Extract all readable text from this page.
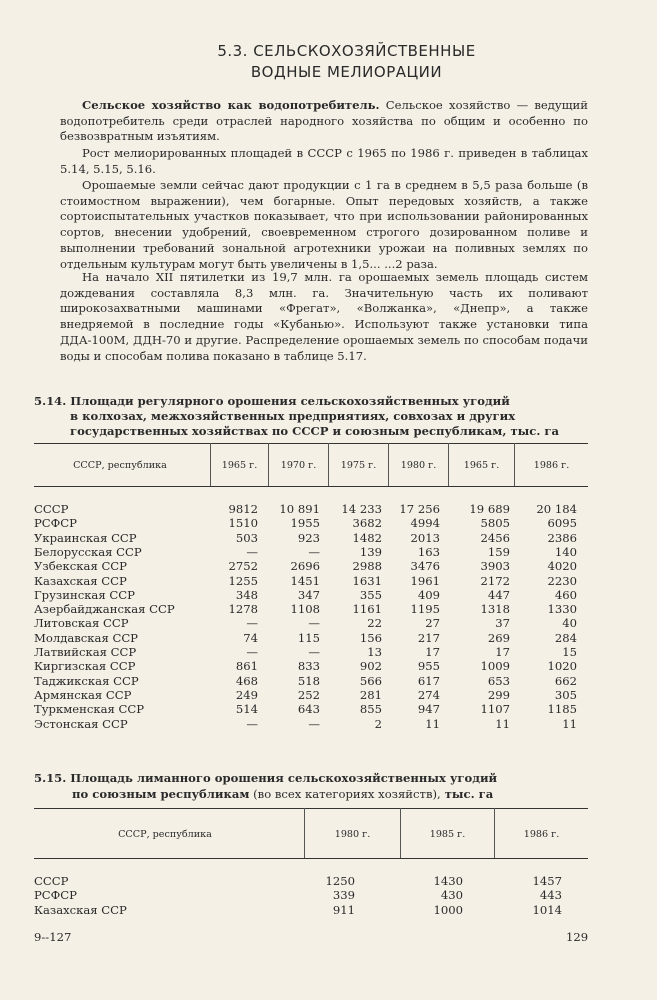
5.3. СЕЛЬСКОХОЗЯЙСТВЕННЫЕ
ВОДНЫЕ МЕЛИОРАЦИИ

Сельское хозяйство как водопотребитель. Сельское хозяйство — ведущий водопотребитель среди отраслей народного хозяйства по общим и особенно по безвозвратным изъятиям.

Рост мелиорированных площадей в СССР с 1965 по 1986 г. приведен в таблицах 5.14, 5.15, 5.16.

Орошаемые земли сейчас дают продукции с 1 га в среднем в 5,5 раза больше (в стоимостном выражении), чем богарные. Опыт передовых хозяйств, а также сортоиспытательных участков показывает, что при использовании районированных сортов, внесении удобрений, своевременном строгого дозированном поливе и выполнении требований зональной агротехники урожаи на поливных землях по отдельным культурам могут быть увеличены в 1,5... ...2 раза.

На начало XII пятилетки из 19,7 млн. га орошаемых земель площадь систем дождевания составляла 8,3 млн. га. Значительную часть их поливают широкозахватными машинами «Фрегат», «Волжанка», «Днепр», а также внедряемой в последние годы «Кубанью». Используют также установки типа ДДА-100М, ДДН-70 и другие. Распределение орошаемых земель по способам подачи воды и способам полива показано в таблице 5.17.

5.14. Площади регулярного орошения сельскохозяйственных угодий

в колхозах, межхозяйственных предприятиях, совхозах и других

государственных хозяйствах по СССР и союзным республикам, тыс. га

СССР, республика	1965 г.	1970 г.	1975 г.	1980 г.	1965 г.	1986 г.
СССР	9812	10 891	14 233	17 256	19 689	20 184
РСФСР	1510	1955	3682	4994	5805	6095
Украинская ССР	503	923	1482	2013	2456	2386
Белорусская ССР	—	—	139	163	159	140
Узбекская ССР	2752	2696	2988	3476	3903	4020
Казахская ССР	1255	1451	1631	1961	2172	2230
Грузинская ССР	348	347	355	409	447	460
Азербайджанская ССР	1278	1108	1161	1195	1318	1330
Литовская ССР	—	—	22	27	37	40
Молдавская ССР	74	115	156	217	269	284
Латвийская ССР	—	—	13	17	17	15
Киргизская ССР	861	833	902	955	1009	1020
Таджикская ССР	468	518	566	617	653	662
Армянская ССР	249	252	281	274	299	305
Туркменская ССР	514	643	855	947	1107	1185
Эстонская ССР	—	—	2	11	11	11

5.15. Площадь лиманного орошения сельскохозяйственных угодий

по союзным республикам (во всех категориях хозяйств), тыс. га

СССР, республика	1980 г.	1985 г.	1986 г.
СССР	1250	1430	1457
РСФСР	339	430	443
Казахская ССР	911	1000	1014
9--127	129
